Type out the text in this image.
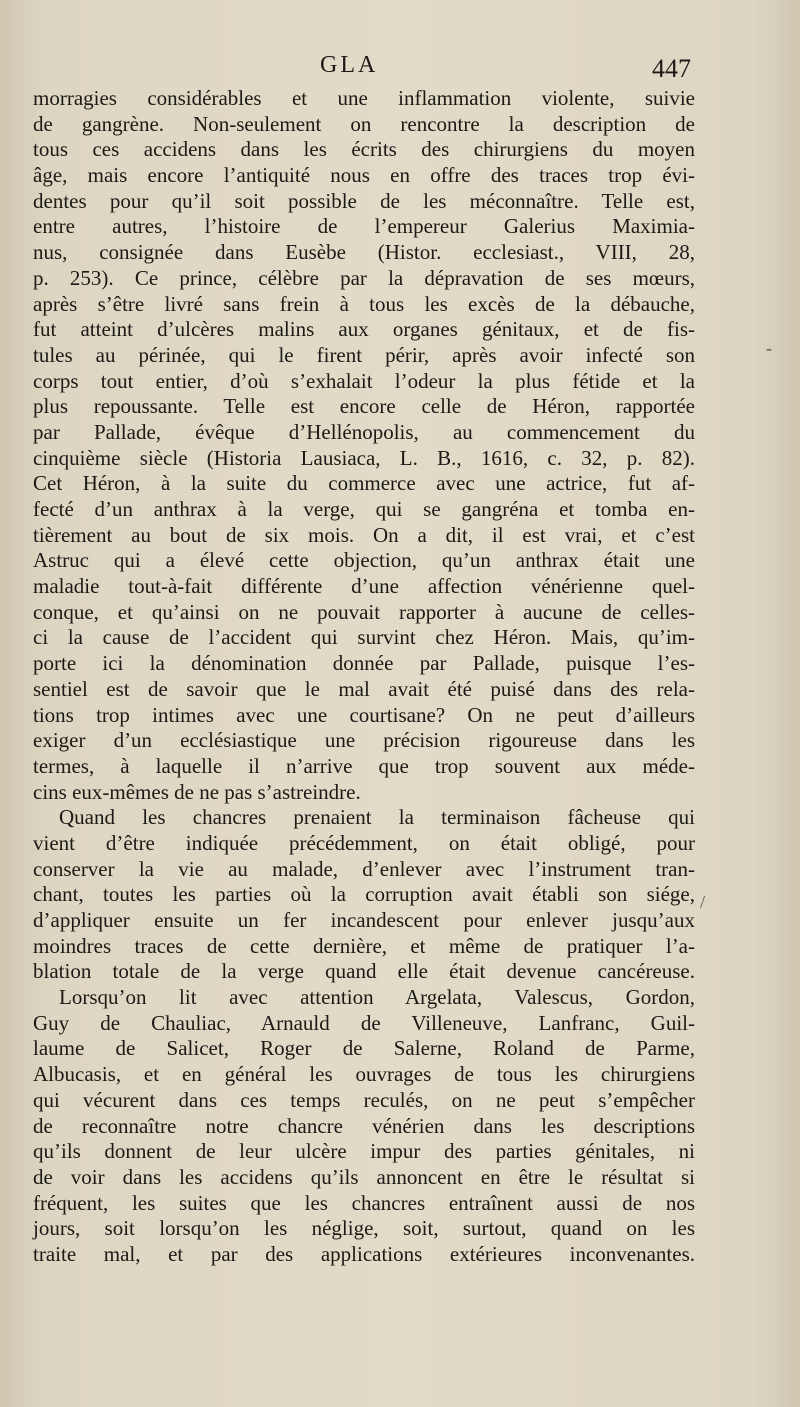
GLA	447
morragies considérables et une inflammation violente, suivie
de gangrène. Non-seulement on rencontre la description de
tous ces accidens dans les écrits des chirurgiens du moyen
âge, mais encore l’antiquité nous en offre des traces trop évi-
dentes pour qu’il soit possible de les méconnaître. Telle est,
entre autres, l’histoire de l’empereur Galerius Maximia-
nus, consignée dans Eusèbe (Histor. ecclesiast., VIII, 28,
p. 253). Ce prince, célèbre par la dépravation de ses mœurs,
après s’être livré sans frein à tous les excès de la débauche,
fut atteint d’ulcères malins aux organes génitaux, et de fis-
tules au périnée, qui le firent périr, après avoir infecté son
corps tout entier, d’où s’exhalait l’odeur la plus fétide et la
plus repoussante. Telle est encore celle de Héron, rapportée
par Pallade, évêque d’Hellénopolis, au commencement du
cinquième siècle (Historia Lausiaca, L. B., 1616, c. 32, p. 82).
Cet Héron, à la suite du commerce avec une actrice, fut af-
fecté d’un anthrax à la verge, qui se gangréna et tomba en-
tièrement au bout de six mois. On a dit, il est vrai, et c’est
Astruc qui a élevé cette objection, qu’un anthrax était une
maladie tout-à-fait différente d’une affection vénérienne quel-
conque, et qu’ainsi on ne pouvait rapporter à aucune de celles-
ci la cause de l’accident qui survint chez Héron. Mais, qu’im-
porte ici la dénomination donnée par Pallade, puisque l’es-
sentiel est de savoir que le mal avait été puisé dans des rela-
tions trop intimes avec une courtisane? On ne peut d’ailleurs
exiger d’un ecclésiastique une précision rigoureuse dans les
termes, à laquelle il n’arrive que trop souvent aux méde-
cins eux-mêmes de ne pas s’astreindre.
Quand les chancres prenaient la terminaison fâcheuse qui
vient d’être indiquée précédemment, on était obligé, pour
conserver la vie au malade, d’enlever avec l’instrument tran-
chant, toutes les parties où la corruption avait établi son siége,
d’appliquer ensuite un fer incandescent pour enlever jusqu’aux
moindres traces de cette dernière, et même de pratiquer l’a-
blation totale de la verge quand elle était devenue cancéreuse.
Lorsqu’on lit avec attention Argelata, Valescus, Gordon,
Guy de Chauliac, Arnauld de Villeneuve, Lanfranc, Guil-
laume de Salicet, Roger de Salerne, Roland de Parme,
Albucasis, et en général les ouvrages de tous les chirurgiens
qui vécurent dans ces temps reculés, on ne peut s’empêcher
de reconnaître notre chancre vénérien dans les descriptions
qu’ils donnent de leur ulcère impur des parties génitales, ni
de voir dans les accidens qu’ils annoncent en être le résultat si
fréquent, les suites que les chancres entraînent aussi de nos
jours, soit lorsqu’on les néglige, soit, surtout, quand on les
traite mal, et par des applications extérieures inconvenantes.
/
-
